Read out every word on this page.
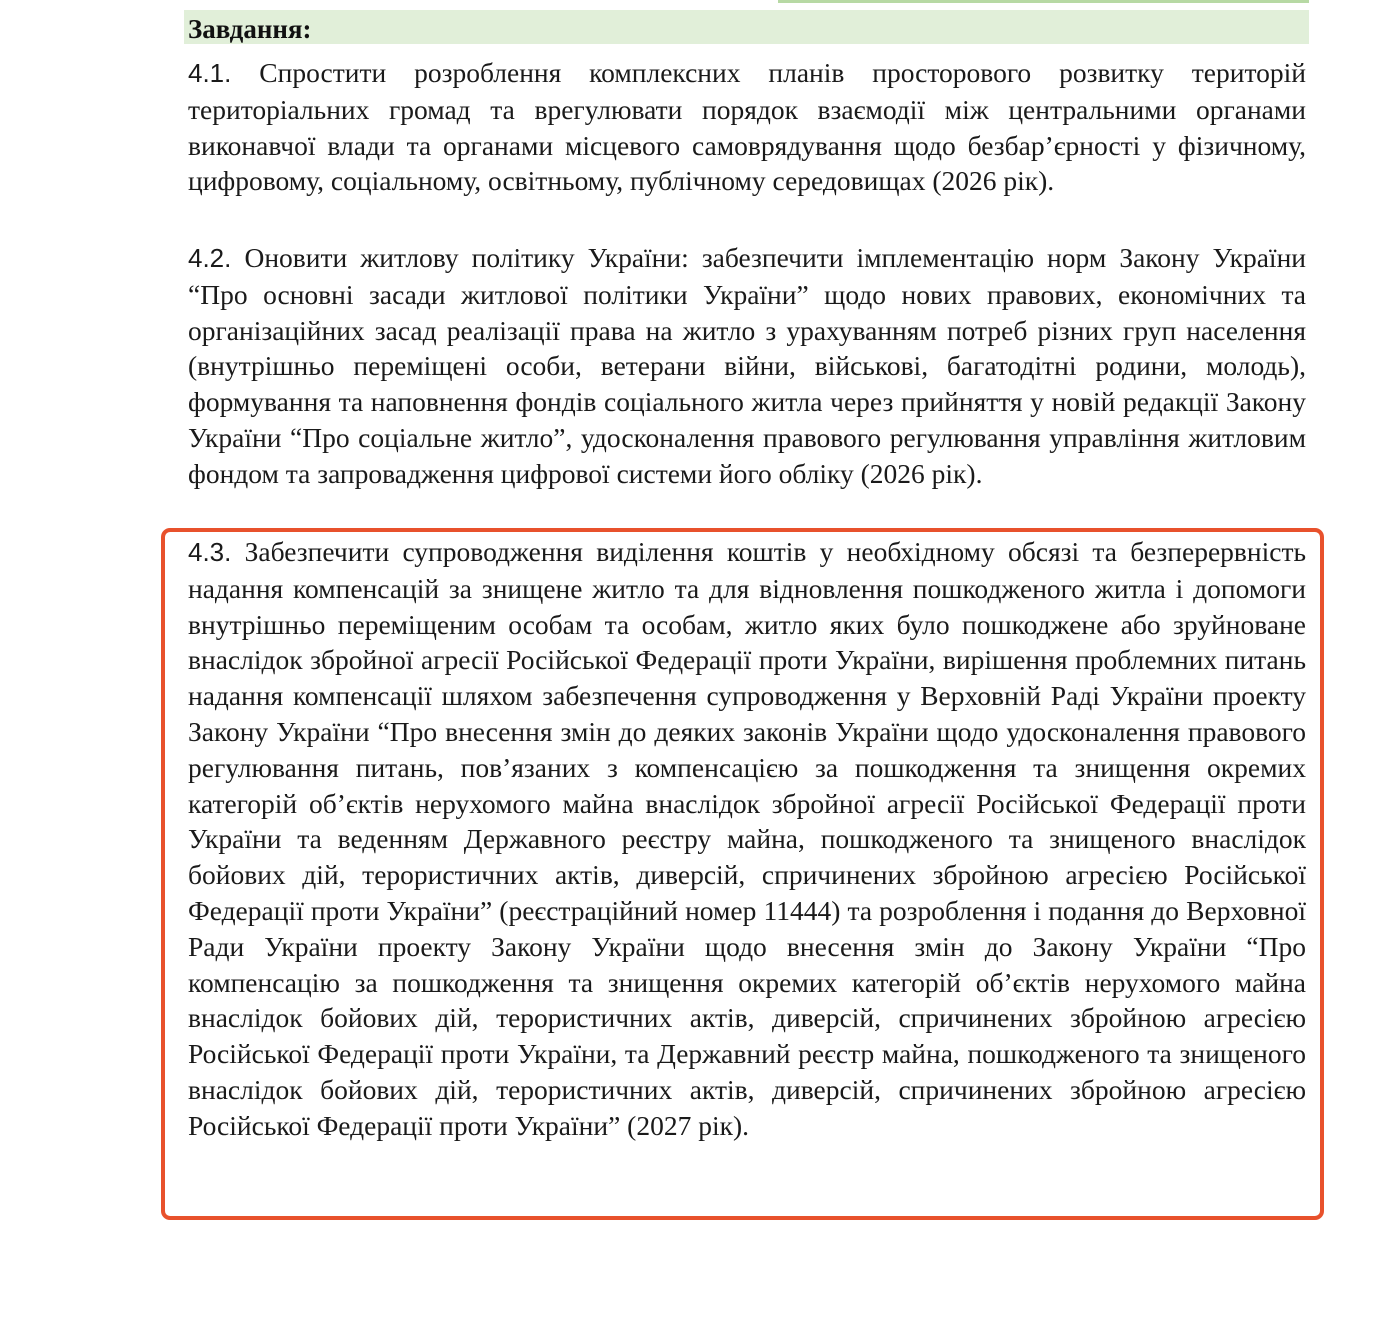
Завдання:

4.1. Спростити розроблення комплексних планів просторового розвитку територій територіальних громад та врегулювати порядок взаємодії між центральними органами виконавчої влади та органами місцевого самоврядування щодо безбар’єрності у фізичному, цифровому, соціальному, освітньому, публічному середовищах (2026 рік).

4.2. Оновити житлову політику України: забезпечити імплементацію норм Закону України “Про основні засади житлової політики України” щодо нових правових, економічних та організаційних засад реалізації права на житло з урахуванням потреб різних груп населення (внутрішньо переміщені особи, ветерани війни, військові, багатодітні родини, молодь), формування та наповнення фондів соціального житла через прийняття у новій редакції Закону України “Про соціальне житло”, удосконалення правового регулювання управління житловим фондом та запровадження цифрової системи його обліку (2026 рік).

4.3. Забезпечити супроводження виділення коштів у необхідному обсязі та безперервність надання компенсацій за знищене житло та для відновлення пошкодженого житла і допомоги внутрішньо переміщеним особам та особам, житло яких було пошкоджене або зруйноване внаслідок збройної агресії Російської Федерації проти України, вирішення проблемних питань надання компенсації шляхом забезпечення супроводження у Верховній Раді України проекту Закону України “Про внесення змін до деяких законів України щодо удосконалення правового регулювання питань, пов’язаних з компенсацією за пошкодження та знищення окремих категорій об’єктів нерухомого майна внаслідок збройної агресії Російської Федерації проти України та веденням Державного реєстру майна, пошкодженого та знищеного внаслідок бойових дій, терористичних актів, диверсій, спричинених збройною агресією Російської Федерації проти України” (реєстраційний номер 11444) та розроблення і подання до Верховної Ради України проекту Закону України щодо внесення змін до Закону України “Про компенсацію за пошкодження та знищення окремих категорій об’єктів нерухомого майна внаслідок бойових дій, терористичних актів, диверсій, спричинених збройною агресією Російської Федерації проти України, та Державний реєстр майна, пошкодженого та знищеного внаслідок бойових дій, терористичних актів, диверсій, спричинених збройною агресією Російської Федерації проти України” (2027 рік).
